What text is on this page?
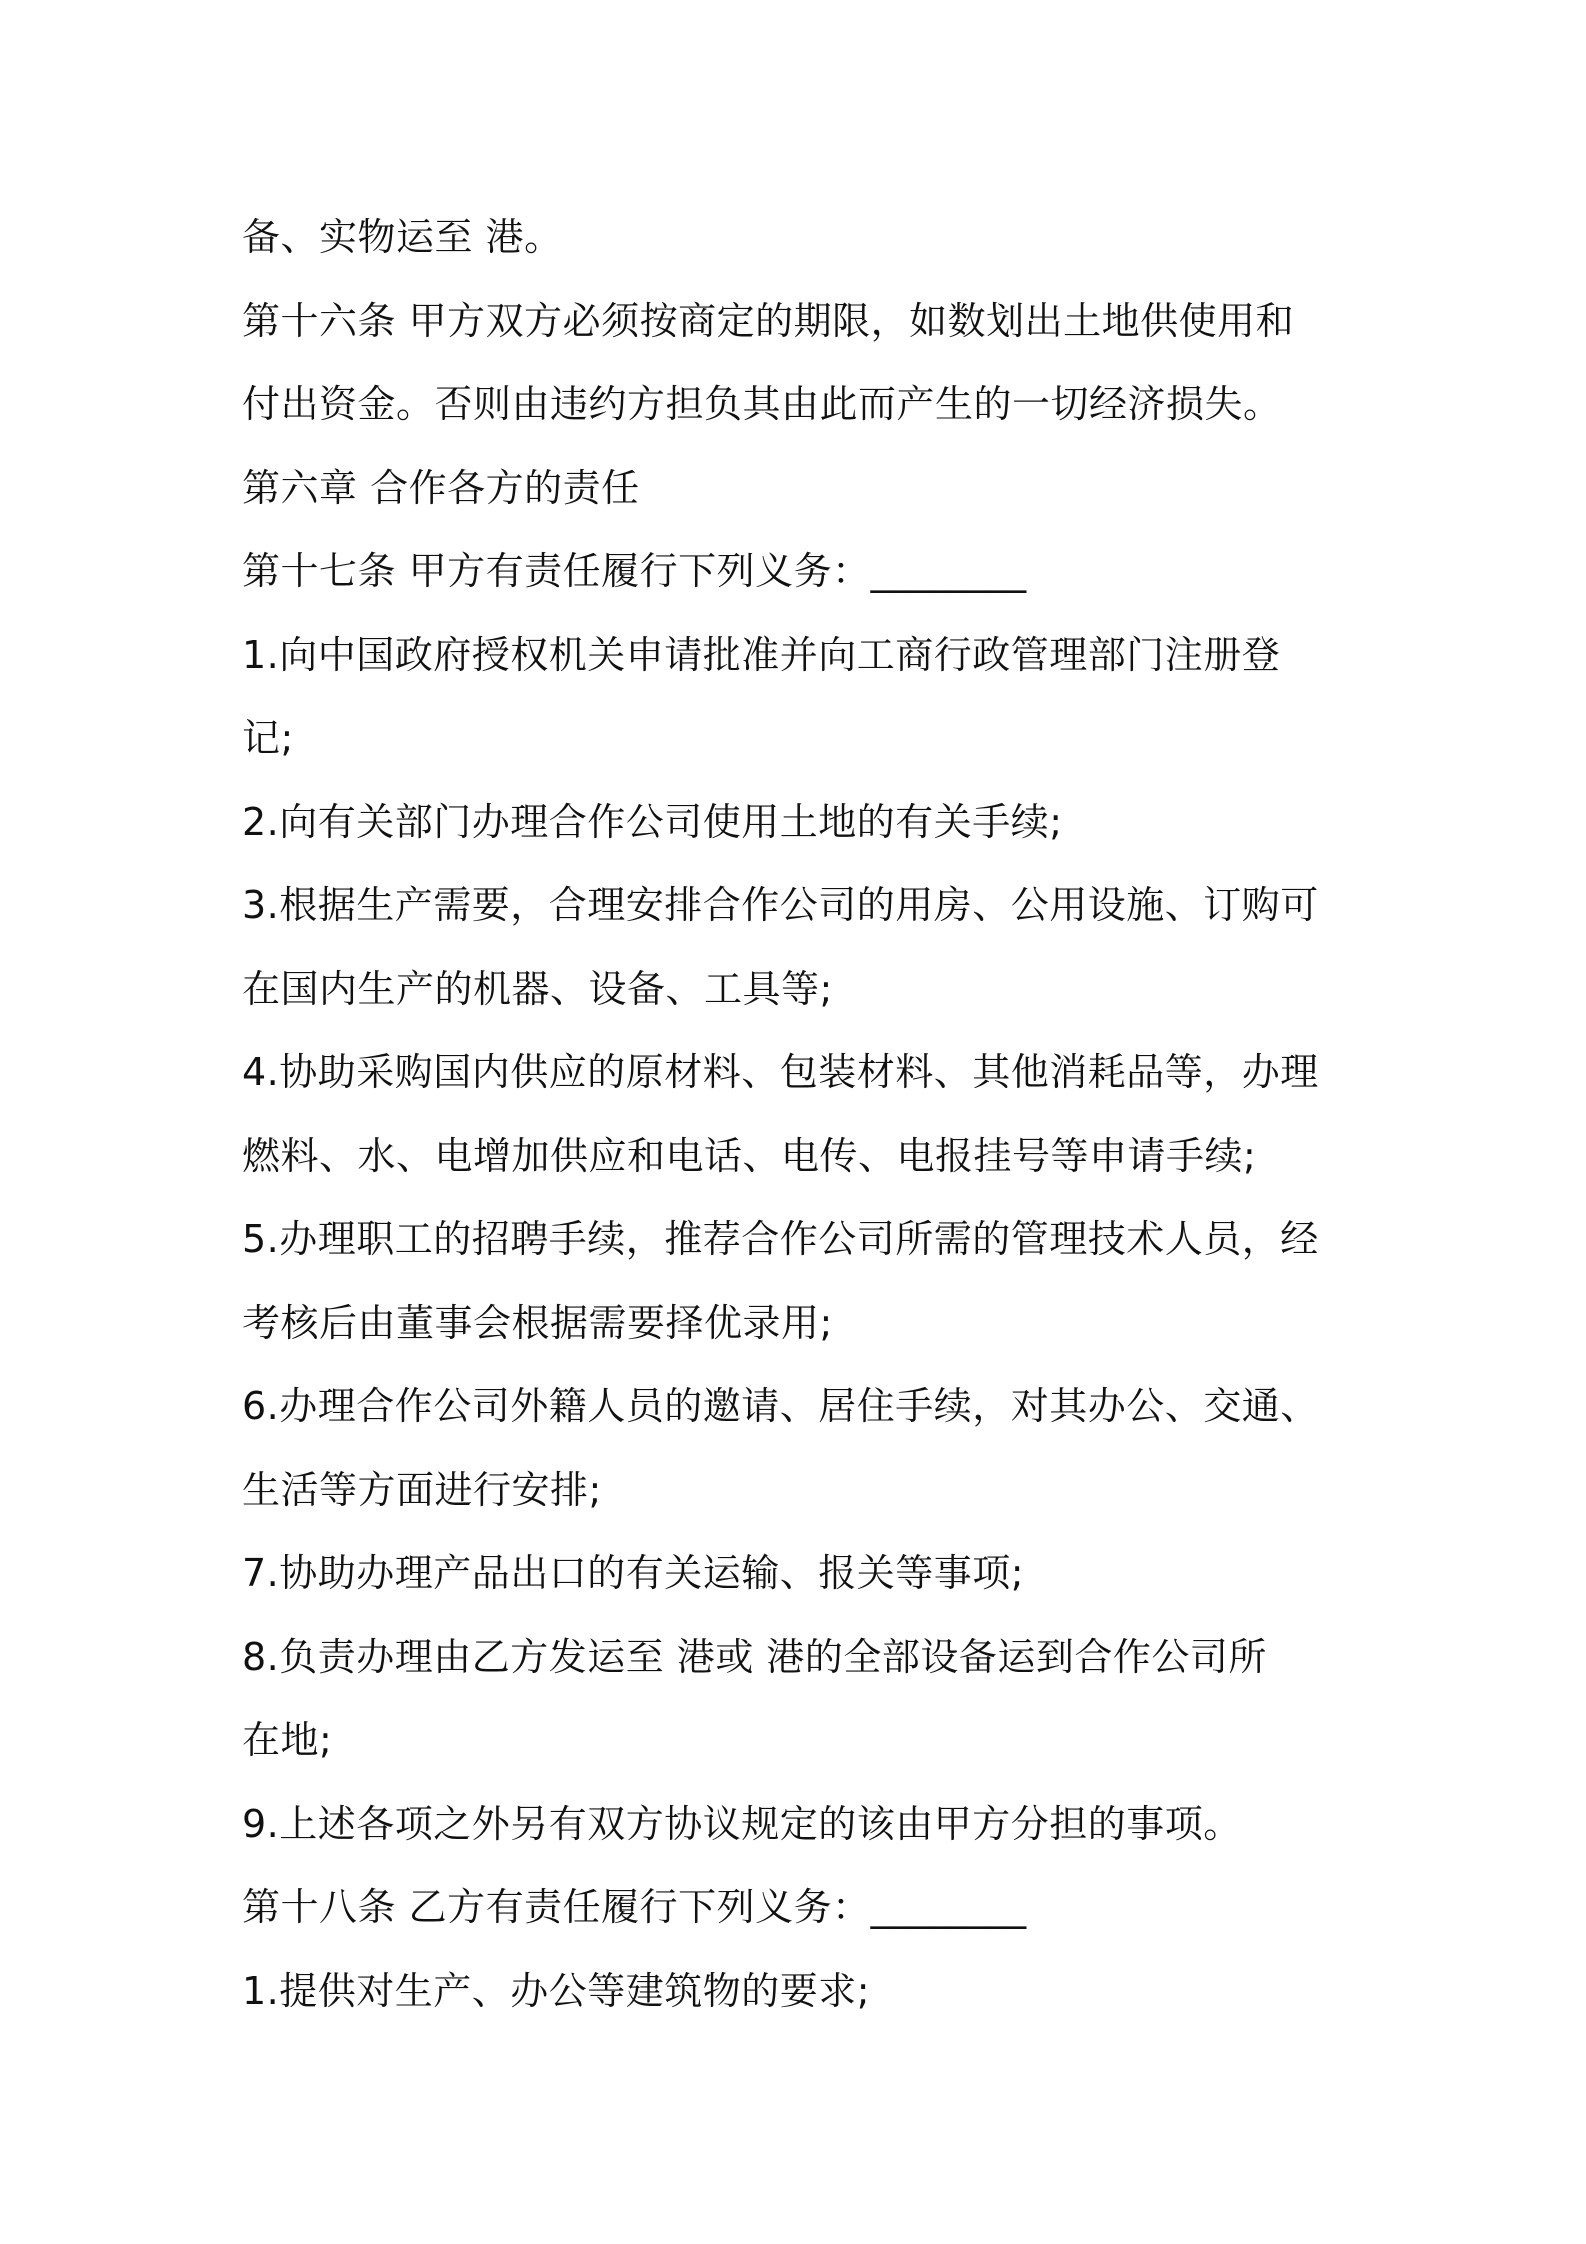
备、实物运至 港。
第十六条 甲方双方必须按商定的期限，如数划出土地供使用和
付出资金。否则由违约方担负其由此而产生的一切经济损失。
第六章 合作各方的责任
第十七条 甲方有责任履行下列义务：________
1.向中国政府授权机关申请批准并向工商行政管理部门注册登
记;
2.向有关部门办理合作公司使用土地的有关手续;
3.根据生产需要，合理安排合作公司的用房、公用设施、订购可
在国内生产的机器、设备、工具等;
4.协助采购国内供应的原材料、包装材料、其他消耗品等，办理
燃料、水、电增加供应和电话、电传、电报挂号等申请手续;
5.办理职工的招聘手续，推荐合作公司所需的管理技术人员，经
考核后由董事会根据需要择优录用;
6.办理合作公司外籍人员的邀请、居住手续，对其办公、交通、
生活等方面进行安排;
7.协助办理产品出口的有关运输、报关等事项;
8.负责办理由乙方发运至 港或 港的全部设备运到合作公司所
在地;
9.上述各项之外另有双方协议规定的该由甲方分担的事项。
第十八条 乙方有责任履行下列义务：________
1.提供对生产、办公等建筑物的要求;
